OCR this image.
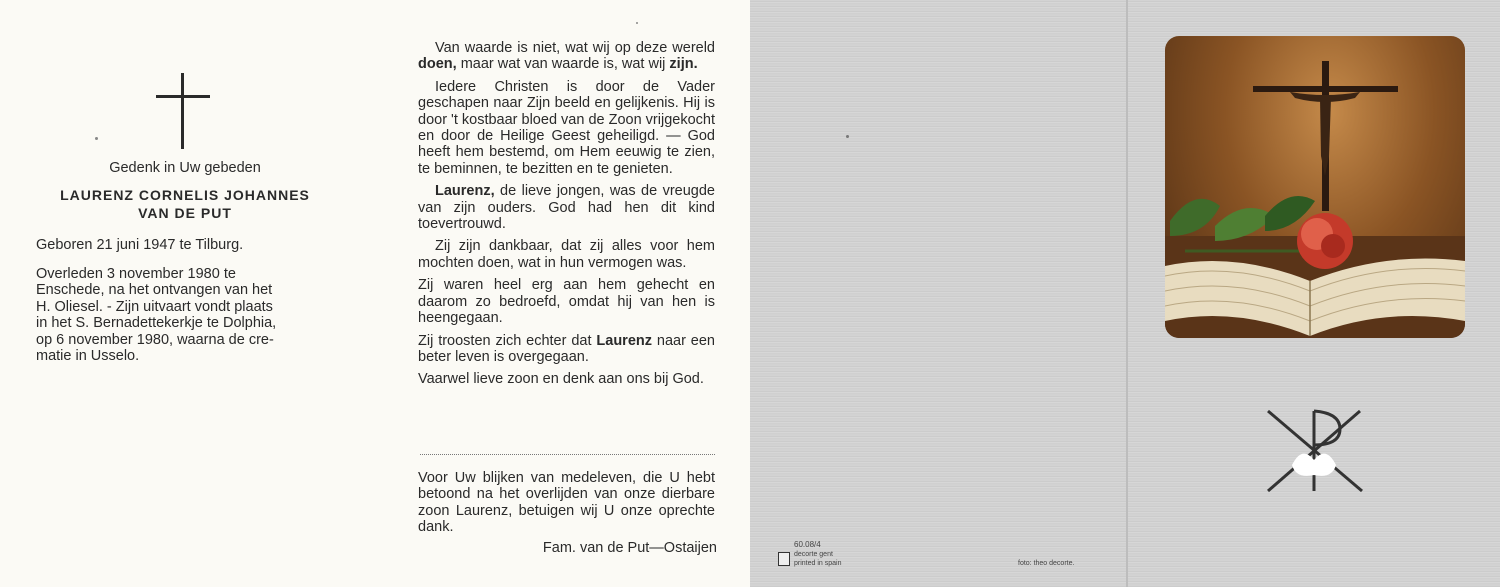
Gedenk in Uw gebeden
LAURENZ CORNELIS JOHANNES
VAN DE PUT
Geboren 21 juni 1947 te Tilburg.
Overleden 3 november 1980 te
Enschede, na het ontvangen van het
H. Oliesel. - Zijn uitvaart vondt plaats
in het S. Bernadettekerkje te Dolphia,
op 6 november 1980, waarna de cre-
matie in Usselo.

Van waarde is niet, wat wij op deze wereld doen, maar wat van waarde is, wat wij zijn.

Iedere Christen is door de Vader geschapen naar Zijn beeld en gelijkenis. Hij is door 't kostbaar bloed van de Zoon vrijgekocht en door de Heilige Geest geheiligd. — God heeft hem bestemd, om Hem eeuwig te zien, te beminnen, te bezitten en te genieten.

Laurenz, de lieve jongen, was de vreugde van zijn ouders. God had hen dit kind toevertrouwd.

Zij zijn dankbaar, dat zij alles voor hem mochten doen, wat in hun vermogen was.

Zij waren heel erg aan hem gehecht en daarom zo bedroefd, omdat hij van hen is heengegaan.

Zij troosten zich echter dat Laurenz naar een beter leven is overgegaan.

Vaarwel lieve zoon en denk aan ons bij God.

Voor Uw blijken van medeleven, die U hebt betoond na het overlijden van onze dierbare zoon Laurenz, betuigen wij U onze oprechte dank.

Fam. van de Put—Ostaijen	60.08/4
decorte gent
printed in spain	foto: theo decorte.
